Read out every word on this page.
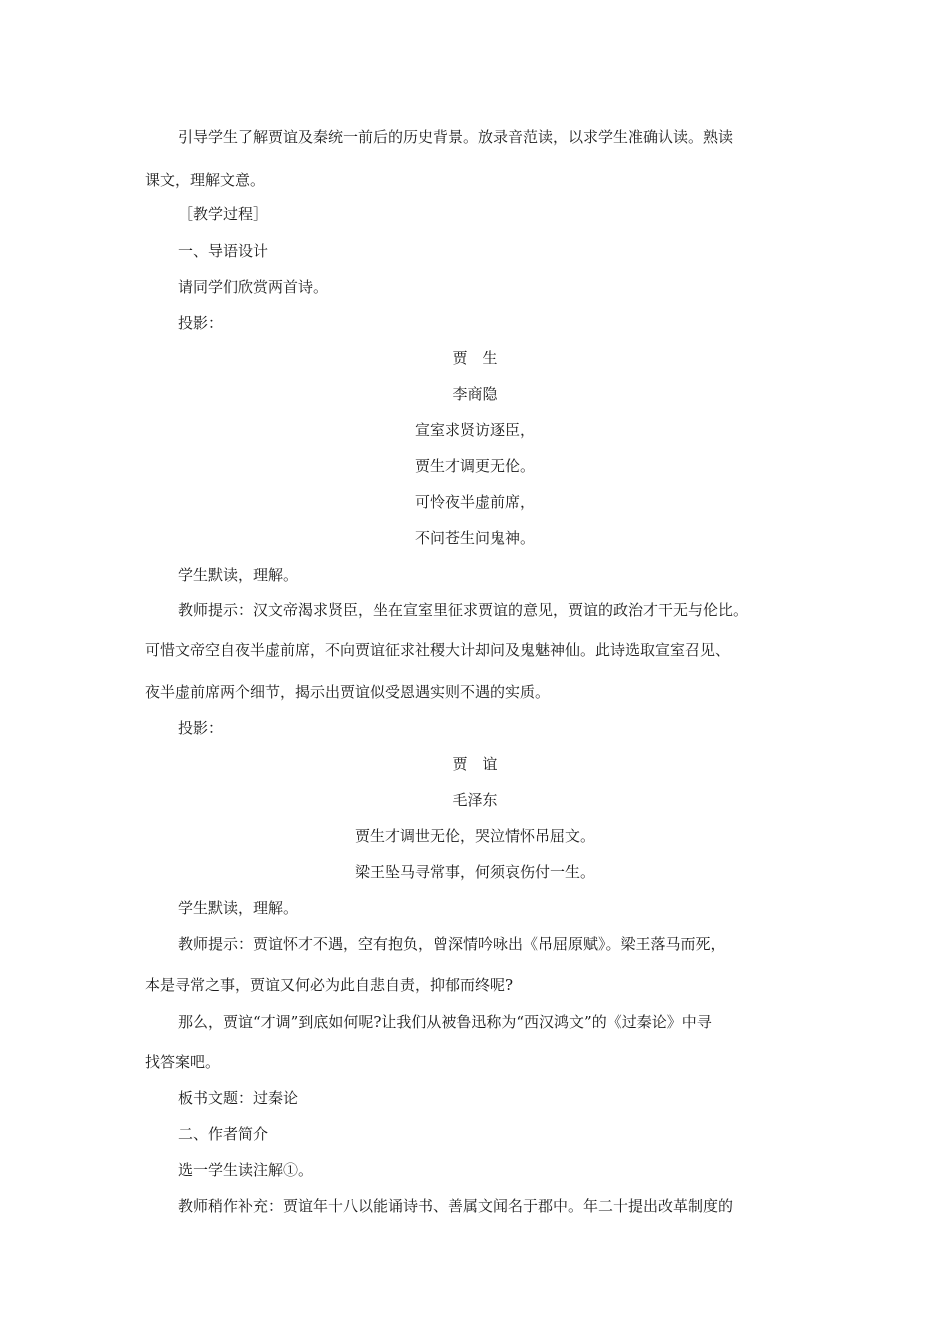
引导学生了解贾谊及秦统一前后的历史背景。放录音范读，以求学生准确认读。熟读
课文，理解文意。
［教学过程］
一、导语设计
请同学们欣赏两首诗。
投影：
贾　生
李商隐
宣室求贤访逐臣，
贾生才调更无伦。
可怜夜半虚前席，
不问苍生问鬼神。
学生默读，理解。
教师提示：汉文帝渴求贤臣，坐在宣室里征求贾谊的意见，贾谊的政治才干无与伦比。
可惜文帝空自夜半虚前席，不向贾谊征求社稷大计却问及鬼魅神仙。此诗选取宣室召见、
夜半虚前席两个细节，揭示出贾谊似受恩遇实则不遇的实质。
投影：
贾　谊
毛泽东
贾生才调世无伦，哭泣情怀吊屈文。
梁王坠马寻常事，何须哀伤付一生。
学生默读，理解。
教师提示：贾谊怀才不遇，空有抱负，曾深情吟咏出《吊屈原赋》。梁王落马而死，
本是寻常之事，贾谊又何必为此自悲自责，抑郁而终呢?
那么，贾谊“才调”到底如何呢?让我们从被鲁迅称为“西汉鸿文”的《过秦论》中寻
找答案吧。
板书文题：过秦论
二、作者简介
选一学生读注解①。
教师稍作补充：贾谊年十八以能诵诗书、善属文闻名于郡中。年二十提出改革制度的
